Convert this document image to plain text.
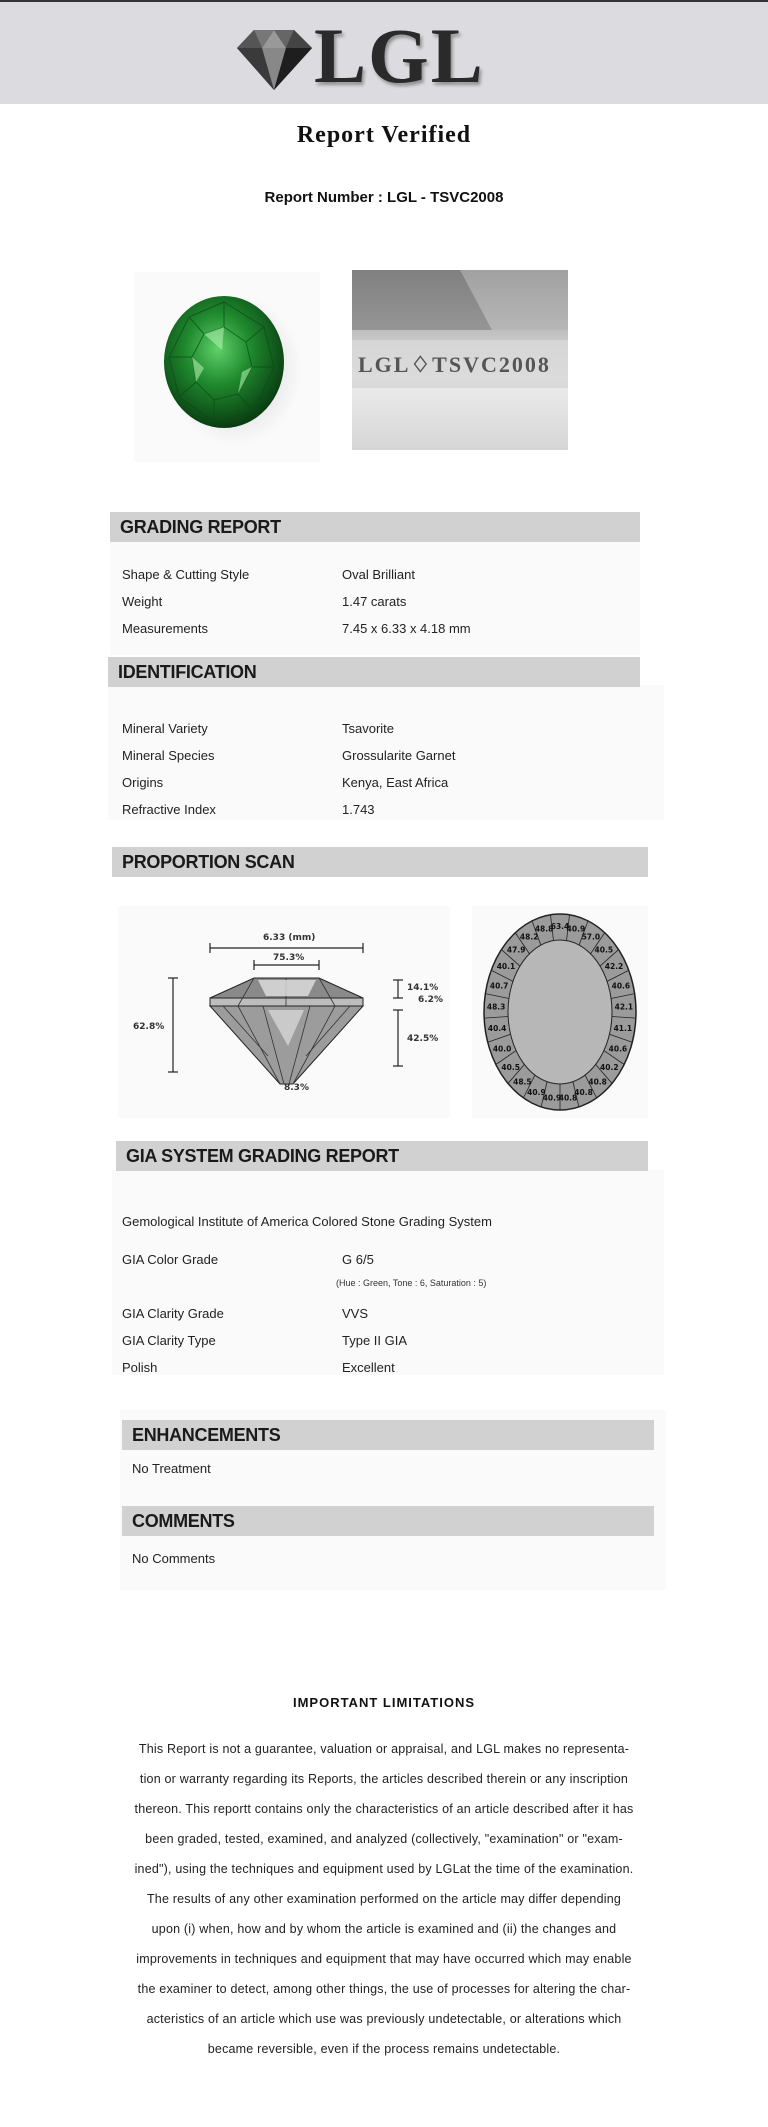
LGL
Report Verified
Report Number : LGL - TSVC2008
LGL♢TSVC2008
GRADING REPORT
Shape & Cutting Style	Oval Brilliant
Weight	1.47 carats
Measurements	7.45 x 6.33 x 4.18 mm
IDENTIFICATION
Mineral Variety	Tsavorite
Mineral Species	Grossularite Garnet
Origins	Kenya, East Africa
Refractive Index	1.743
PROPORTION SCAN
6.33 (mm)
75.3%
62.8%
14.1%
6.2%
42.5%
8.3%
63.4
40.9
57.0
40.5
42.2
40.6
42.1
41.1
40.6
40.2
40.8
40.8
40.8
40.9
40.9
48.5
40.5
40.0
40.4
48.3
40.7
40.1
47.9
48.2
48.8
GIA SYSTEM GRADING REPORT
Gemological Institute of America Colored Stone Grading System
GIA Color Grade	G 6/5
(Hue : Green, Tone : 6, Saturation : 5)
GIA Clarity Grade	VVS
GIA Clarity Type	Type II GIA
Polish	Excellent
ENHANCEMENTS
No Treatment
COMMENTS
No Comments
IMPORTANT LIMITATIONS
This Report is not a guarantee, valuation or appraisal, and LGL makes no representa-
tion or warranty regarding its Reports, the articles described therein or any inscription
thereon. This reportt contains only the characteristics of an article described after it has
been graded, tested, examined, and analyzed (collectively, "examination" or "exam-
ined"), using the techniques and equipment used by LGLat the time of the examination.
The results of any other examination performed on the article may differ depending
upon (i) when, how and by whom the article is examined and (ii) the changes and
improvements in techniques and equipment that may have occurred which may enable
the examiner to detect, among other things, the use of processes for altering the char-
acteristics of an article which use was previously undetectable, or alterations which
became reversible, even if the process remains undetectable.
